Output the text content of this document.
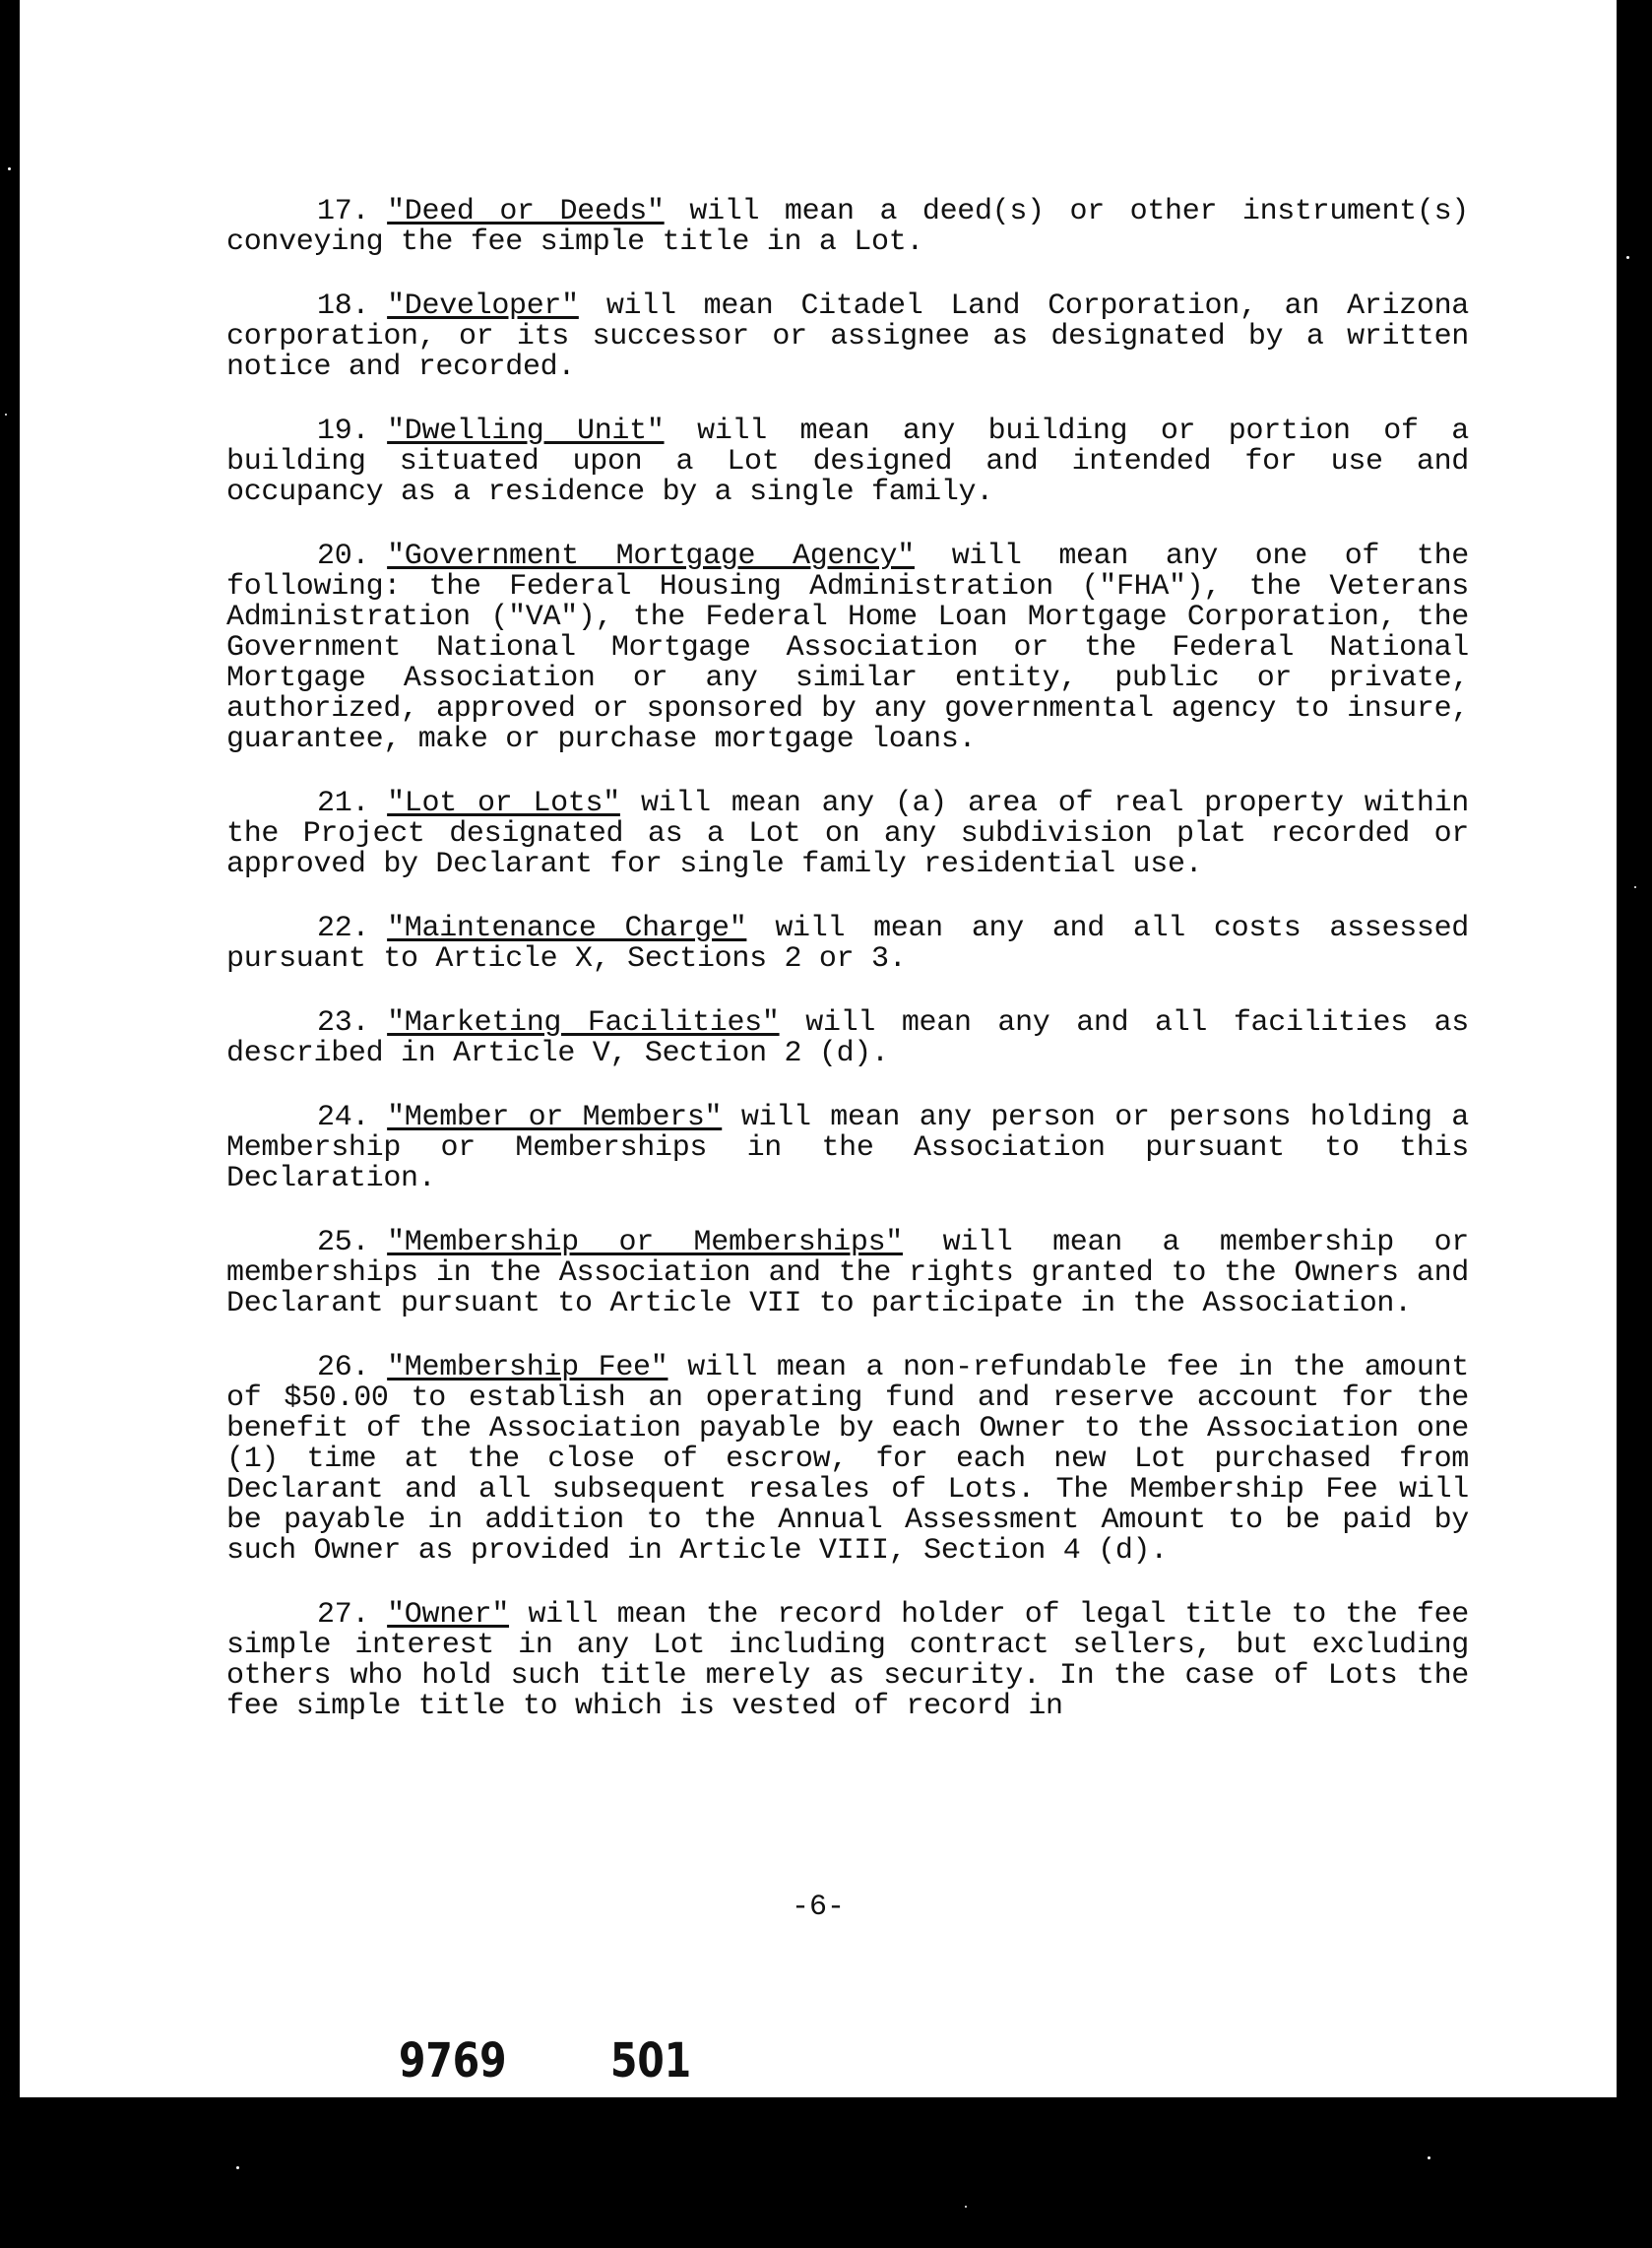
17. "Deed or Deeds" will mean a deed(s) or other instrument(s) conveying the fee simple title in a Lot.

18. "Developer" will mean Citadel Land Corporation, an Arizona corporation, or its successor or assignee as designated by a written notice and recorded.

19. "Dwelling Unit" will mean any building or portion of a building situated upon a Lot designed and intended for use and occupancy as a residence by a single family.

20. "Government Mortgage Agency" will mean any one of the following: the Federal Housing Administration ("FHA"), the Veterans Administration ("VA"), the Federal Home Loan Mortgage Corporation, the Government National Mortgage Association or the Federal National Mortgage Association or any similar entity, public or private, authorized, approved or sponsored by any governmental agency to insure, guarantee, make or purchase mortgage loans.

21. "Lot or Lots" will mean any (a) area of real property within the Project designated as a Lot on any subdivision plat recorded or approved by Declarant for single family residential use.

22. "Maintenance Charge" will mean any and all costs assessed pursuant to Article X, Sections 2 or 3.

23. "Marketing Facilities" will mean any and all facilities as described in Article V, Section 2 (d).

24. "Member or Members" will mean any person or persons holding a Membership or Memberships in the Association pursuant to this Declaration.

25. "Membership or Memberships" will mean a membership or memberships in the Association and the rights granted to the Owners and Declarant pursuant to Article VII to participate in the Association.

26. "Membership Fee" will mean a non-refundable fee in the amount of $50.00 to establish an operating fund and reserve account for the benefit of the Association payable by each Owner to the Association one (1) time at the close of escrow, for each new Lot purchased from Declarant and all subsequent resales of Lots. The Membership Fee will be payable in addition to the Annual Assessment Amount to be paid by such Owner as provided in Article VIII, Section 4 (d).

27. "Owner" will mean the record holder of legal title to the fee simple interest in any Lot including contract sellers, but excluding others who hold such title merely as security. In the case of Lots the fee simple title to which is vested of record in

-6-
9769 501
